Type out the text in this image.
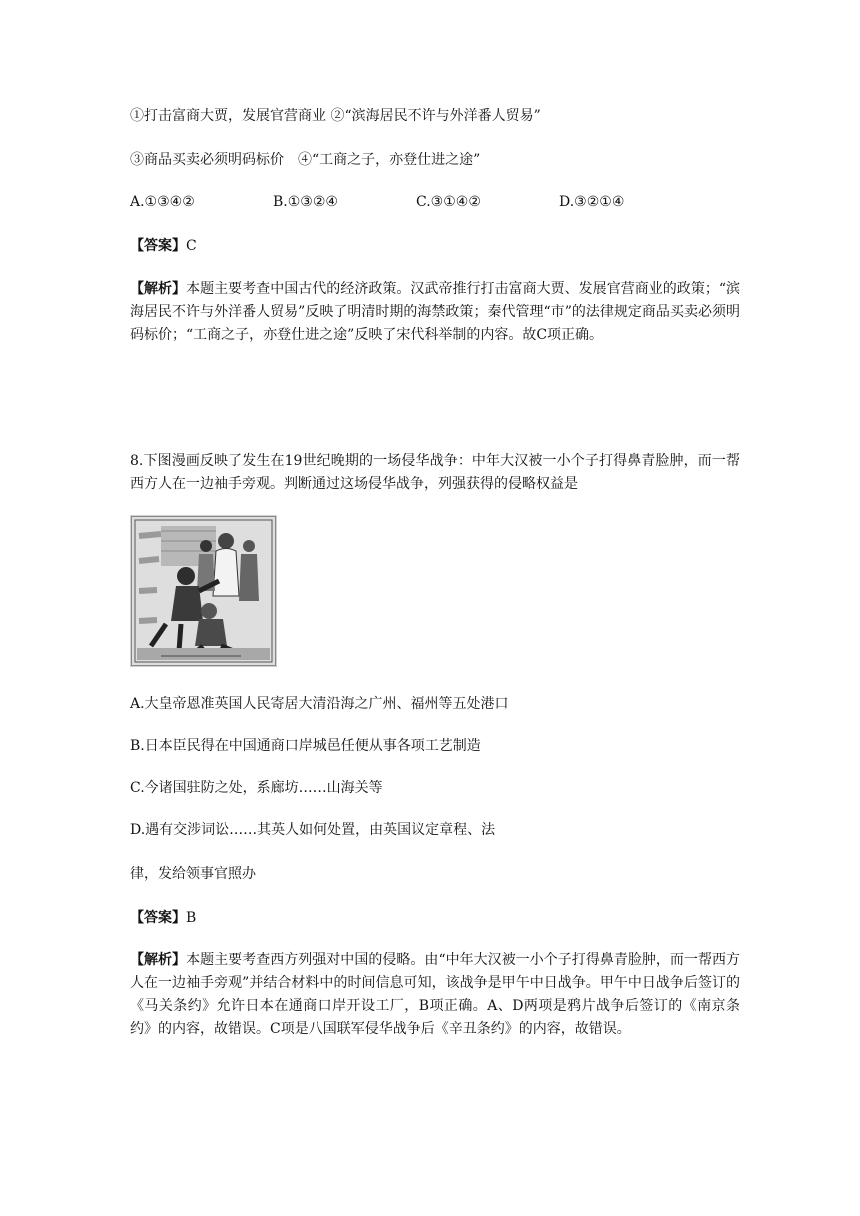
①打击富商大贾，发展官营商业 ②“滨海居民不许与外洋番人贸易”
③商品买卖必须明码标价　④“工商之子，亦登仕进之途”
A.①③④②	B.①③②④	C.③①④②	D.③②①④
【答案】C
【解析】本题主要考查中国古代的经济政策。汉武帝推行打击富商大贾、发展官营商业的政策；“滨海居民不许与外洋番人贸易”反映了明清时期的海禁政策；秦代管理“市”的法律规定商品买卖必须明码标价；“工商之子，亦登仕进之途”反映了宋代科举制的内容。故C项正确。
8.下图漫画反映了发生在19世纪晚期的一场侵华战争：中年大汉被一小个子打得鼻青脸肿，而一帮西方人在一边袖手旁观。判断通过这场侵华战争，列强获得的侵略权益是
A.大皇帝恩准英国人民寄居大清沿海之广州、福州等五处港口
B.日本臣民得在中国通商口岸城邑任便从事各项工艺制造
C.今诸国驻防之处，系廊坊……山海关等
D.遇有交涉词讼……其英人如何处置，由英国议定章程、法
律，发给领事官照办
【答案】B
【解析】本题主要考查西方列强对中国的侵略。由“中年大汉被一小个子打得鼻青脸肿，而一帮西方人在一边袖手旁观”并结合材料中的时间信息可知，该战争是甲午中日战争。甲午中日战争后签订的《马关条约》允许日本在通商口岸开设工厂，B项正确。A、D两项是鸦片战争后签订的《南京条约》的内容，故错误。C项是八国联军侵华战争后《辛丑条约》的内容，故错误。
